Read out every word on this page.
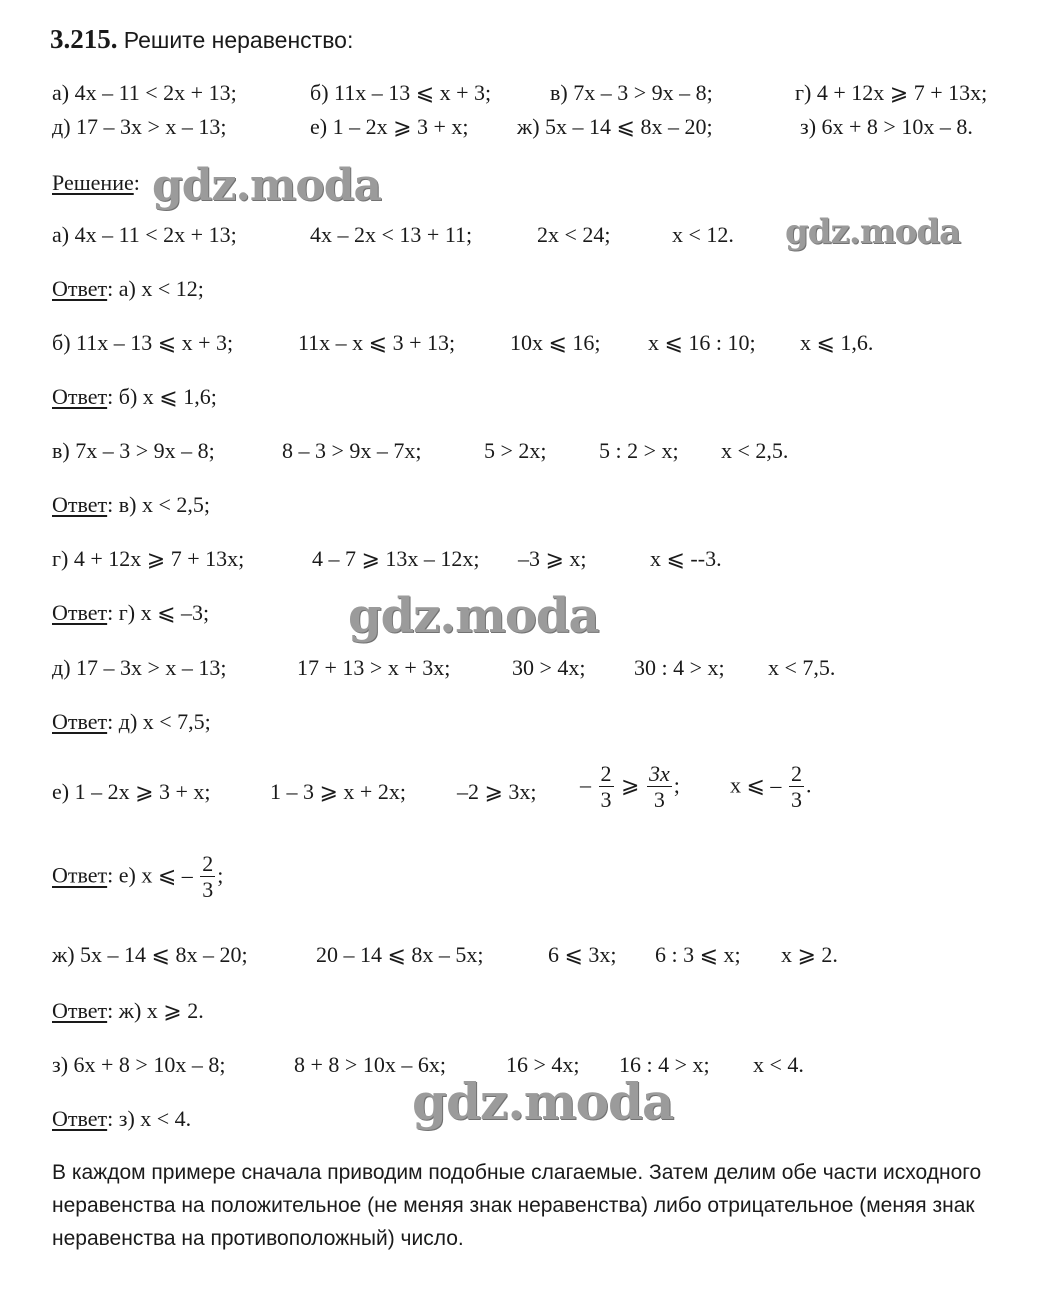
3.215. Решите неравенство:
а) 4x – 11 < 2x + 13;	б) 11x – 13 ⩽ x + 3;	в) 7x – 3 > 9x – 8;	г) 4 + 12x ⩾ 7 + 13x;
д) 17 – 3x > x – 13;	е) 1 – 2x ⩾ 3 + x; ж) 5x – 14 ⩽ 8x – 20;	з) 6x + 8 > 10x – 8.
Решение:
а) 4x – 11 < 2x + 13;	4x – 2x < 13 + 11;	2x < 24;	x < 12.
Ответ: а) x < 12;
б) 11x – 13 ⩽ x + 3;	11x – x ⩽ 3 + 13; 10x ⩽ 16; x ⩽ 16 : 10; x ⩽ 1,6.
Ответ: б) x ⩽ 1,6;
в) 7x – 3 > 9x – 8;	8 – 3 > 9x – 7x;	5 > 2x; 5 : 2 > x; x < 2,5.
Ответ: в) x < 2,5;
г) 4 + 12x ⩾ 7 + 13x;	4 – 7 ⩾ 13x – 12x; –3 ⩾ x;	x ⩽ --3.
Ответ: г) x ⩽ –3;
д) 17 – 3x > x – 13;	17 + 13 > x + 3x;	30 > 4x; 30 : 4 > x; x < 7,5.
Ответ: д) x < 7,5;
е) 1 – 2x ⩾ 3 + x;	1 – 3 ⩾ x + 2x; –2 ⩾ 3x; – $\frac{2}{3}$ ⩾ $\frac{3x}{3}$ ; x ⩽ – $\frac{2}{3}$ .
Ответ: е) x ⩽ – $\frac{2}{3}$ ;
ж) 5x – 14 ⩽ 8x – 20;	20 – 14 ⩽ 8x – 5x;	6 ⩽ 3x; 6 : 3 ⩽ x; x ⩾ 2.
Ответ: ж) x ⩾ 2.
з) 6x + 8 > 10x – 8;	8 + 8 > 10x – 6x;	16 > 4x; 16 : 4 > x; x < 4.
Ответ: з) x < 4.
В каждом примере сначала приводим подобные слагаемые. Затем делим обе части исходного неравенства на положительное (не меняя знак неравенства) либо отрицательное (меняя знак неравенства на противоположный) число.
gdz.moda
gdz.moda
gdz.moda
gdz.moda
